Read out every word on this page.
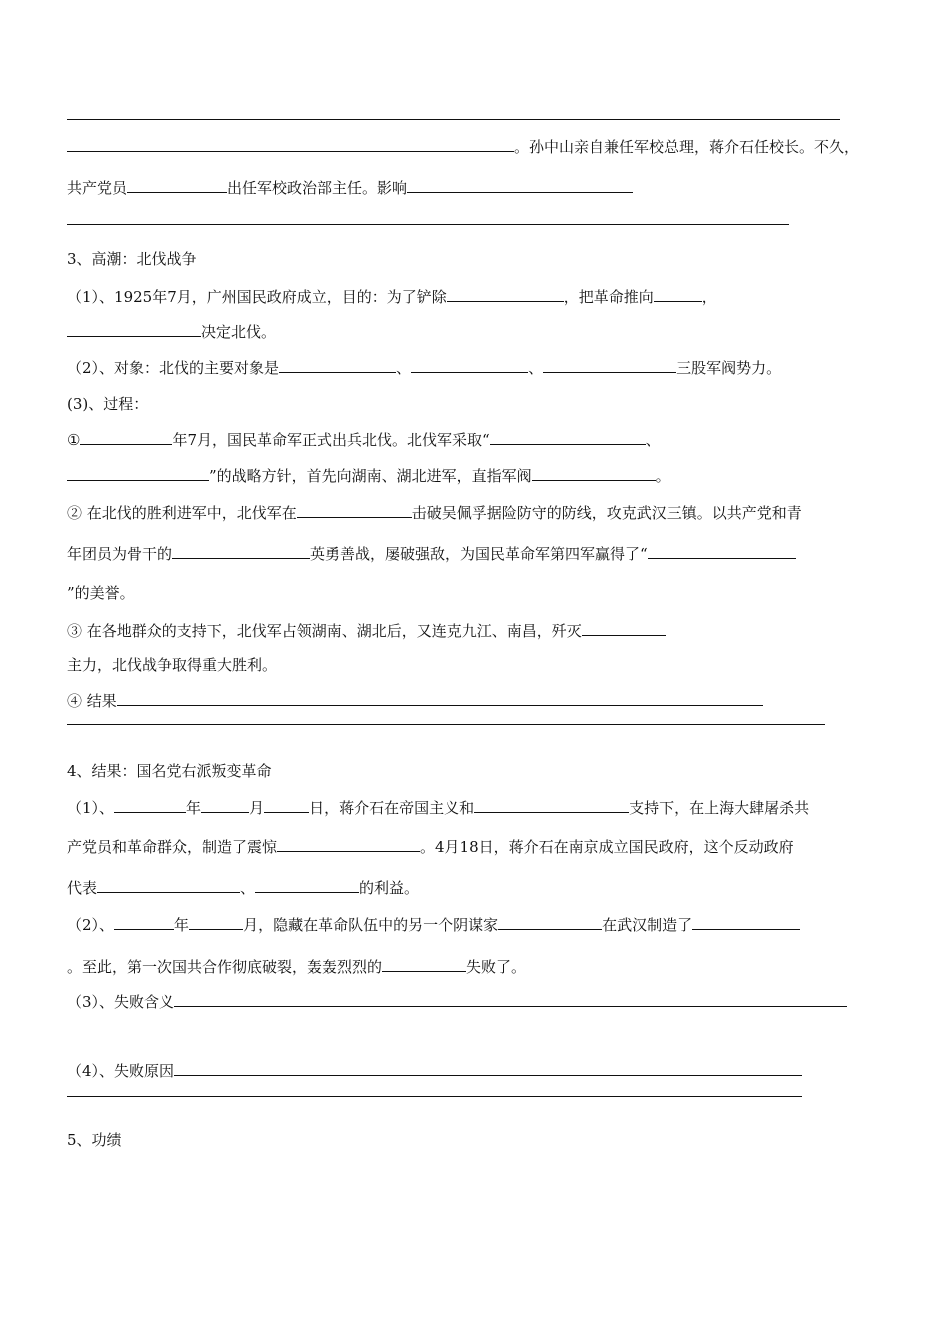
。孙中山亲自兼任军校总理，蒋介石任校长。不久，
共产党员	出任军校政治部主任。影响
3、高潮：北伐战争
（1）、1925年7月，广州国民政府成立，目的：为了铲除	，把革命推向	，
决定北伐。
（2）、对象：北伐的主要对象是	、	、	三股军阀势力。
(3)、过程：
①	年7月，国民革命军正式出兵北伐。北伐军采取“	、
”的战略方针，首先向湖南、湖北进军，直指军阀	。
② 在北伐的胜利进军中，北伐军在	击破吴佩孚据险防守的防线，攻克武汉三镇。以共产党和青
年团员为骨干的	英勇善战，屡破强敌，为国民革命军第四军赢得了“
”的美誉。
③ 在各地群众的支持下，北伐军占领湖南、湖北后，又连克九江、南昌，歼灭
主力，北伐战争取得重大胜利。
④ 结果
4、结果：国名党右派叛变革命
（1）、	年	月	日，蒋介石在帝国主义和	支持下，在上海大肆屠杀共
产党员和革命群众，制造了震惊	。4月18日，蒋介石在南京成立国民政府，这个反动政府
代表	、	的利益。
（2）、	年	月，隐藏在革命队伍中的另一个阴谋家	在武汉制造了
。至此，第一次国共合作彻底破裂，轰轰烈烈的	失败了。
（3）、失败含义
（4）、失败原因
5、功绩
